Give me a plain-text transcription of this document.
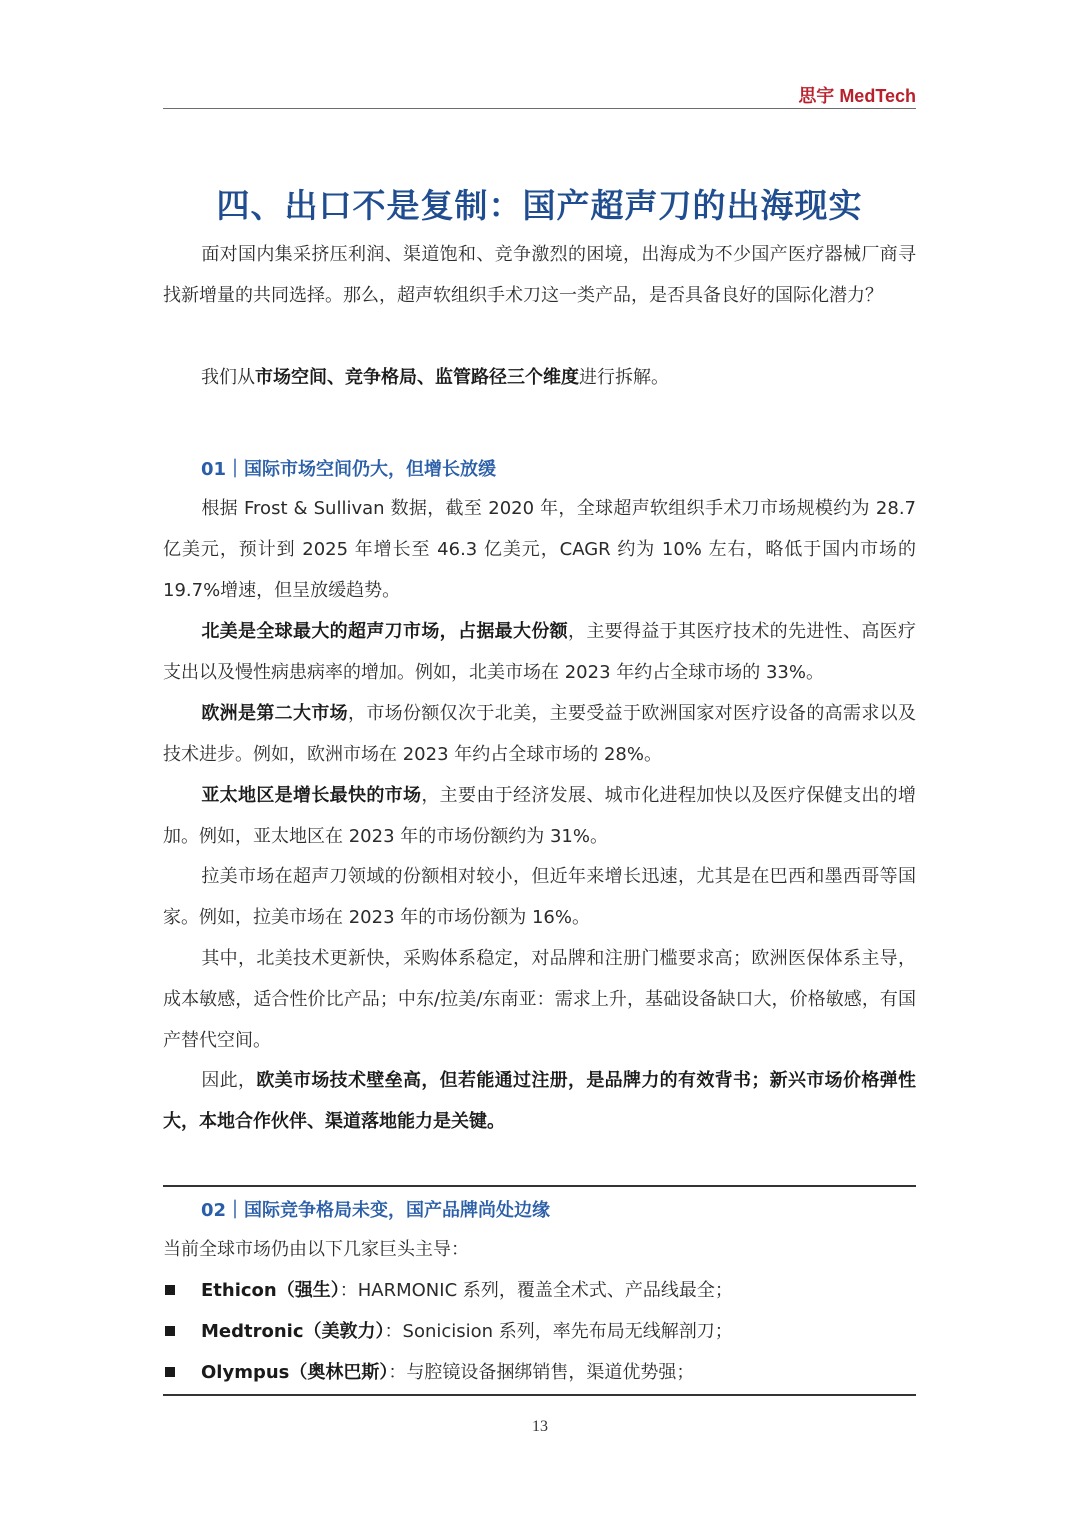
思宇 MedTech
四、出口不是复制：国产超声刀的出海现实

面对国内集采挤压利润、渠道饱和、竞争激烈的困境，出海成为不少国产医疗器械厂商寻找新增量的共同选择。那么，超声软组织手术刀这一类产品，是否具备良好的国际化潜力？

我们从市场空间、竞争格局、监管路径三个维度进行拆解。

01｜国际市场空间仍大，但增长放缓

根据 Frost & Sullivan 数据，截至 2020 年，全球超声软组织手术刀市场规模约为 28.7 亿美元，预计到 2025 年增长至 46.3 亿美元，CAGR 约为 10% 左右，略低于国内市场的 19.7%增速，但呈放缓趋势。

北美是全球最大的超声刀市场，占据最大份额，主要得益于其医疗技术的先进性、高医疗支出以及慢性病患病率的增加。例如，北美市场在 2023 年约占全球市场的 33%。

欧洲是第二大市场，市场份额仅次于北美，主要受益于欧洲国家对医疗设备的高需求以及技术进步。例如，欧洲市场在 2023 年约占全球市场的 28%。

亚太地区是增长最快的市场，主要由于经济发展、城市化进程加快以及医疗保健支出的增加。例如，亚太地区在 2023 年的市场份额约为 31%。

拉美市场在超声刀领域的份额相对较小，但近年来增长迅速，尤其是在巴西和墨西哥等国家。例如，拉美市场在 2023 年的市场份额为 16%。

其中，北美技术更新快，采购体系稳定，对品牌和注册门槛要求高；欧洲医保体系主导，成本敏感，适合性价比产品；中东/拉美/东南亚：需求上升，基础设备缺口大，价格敏感，有国产替代空间。

因此，欧美市场技术壁垒高，但若能通过注册，是品牌力的有效背书；新兴市场价格弹性大，本地合作伙伴、渠道落地能力是关键。

02｜国际竞争格局未变，国产品牌尚处边缘

当前全球市场仍由以下几家巨头主导：

Ethicon（强生）：HARMONIC 系列，覆盖全术式、产品线最全；
Medtronic（美敦力）：Sonicision 系列，率先布局无线解剖刀；
Olympus（奥林巴斯）：与腔镜设备捆绑销售，渠道优势强；
13
